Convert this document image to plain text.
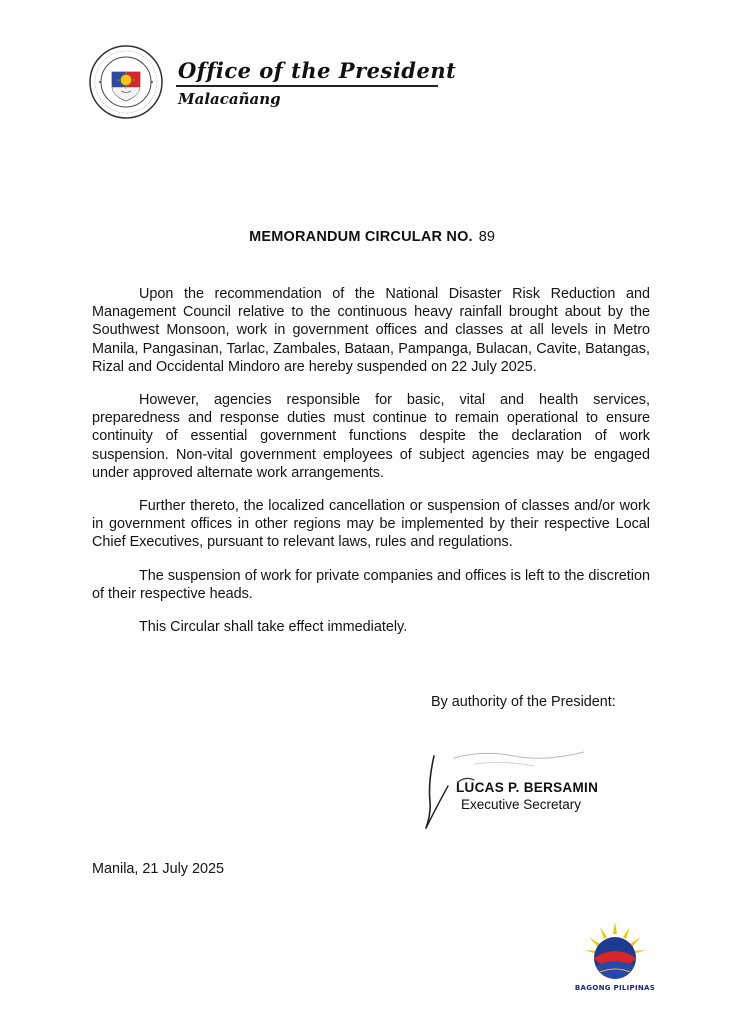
Office of the President
Malacañang
MEMORANDUM CIRCULAR NO. 89

Upon the recommendation of the National Disaster Risk Reduction and Management Council relative to the continuous heavy rainfall brought about by the Southwest Monsoon, work in government offices and classes at all levels in Metro Manila, Pangasinan, Tarlac, Zambales, Bataan, Pampanga, Bulacan, Cavite, Batangas, Rizal and Occidental Mindoro are hereby suspended on 22 July 2025.

However, agencies responsible for basic, vital and health services, preparedness and response duties must continue to remain operational to ensure continuity of essential government functions despite the declaration of work suspension. Non-vital government employees of subject agencies may be engaged under approved alternate work arrangements.

Further thereto, the localized cancellation or suspension of classes and/or work in government offices in other regions may be implemented by their respective Local Chief Executives, pursuant to relevant laws, rules and regulations.

The suspension of work for private companies and offices is left to the discretion of their respective heads.

This Circular shall take effect immediately.

By authority of the President:
LUCAS P. BERSAMIN
Executive Secretary
Manila, 21 July 2025
BAGONG PILIPINAS
